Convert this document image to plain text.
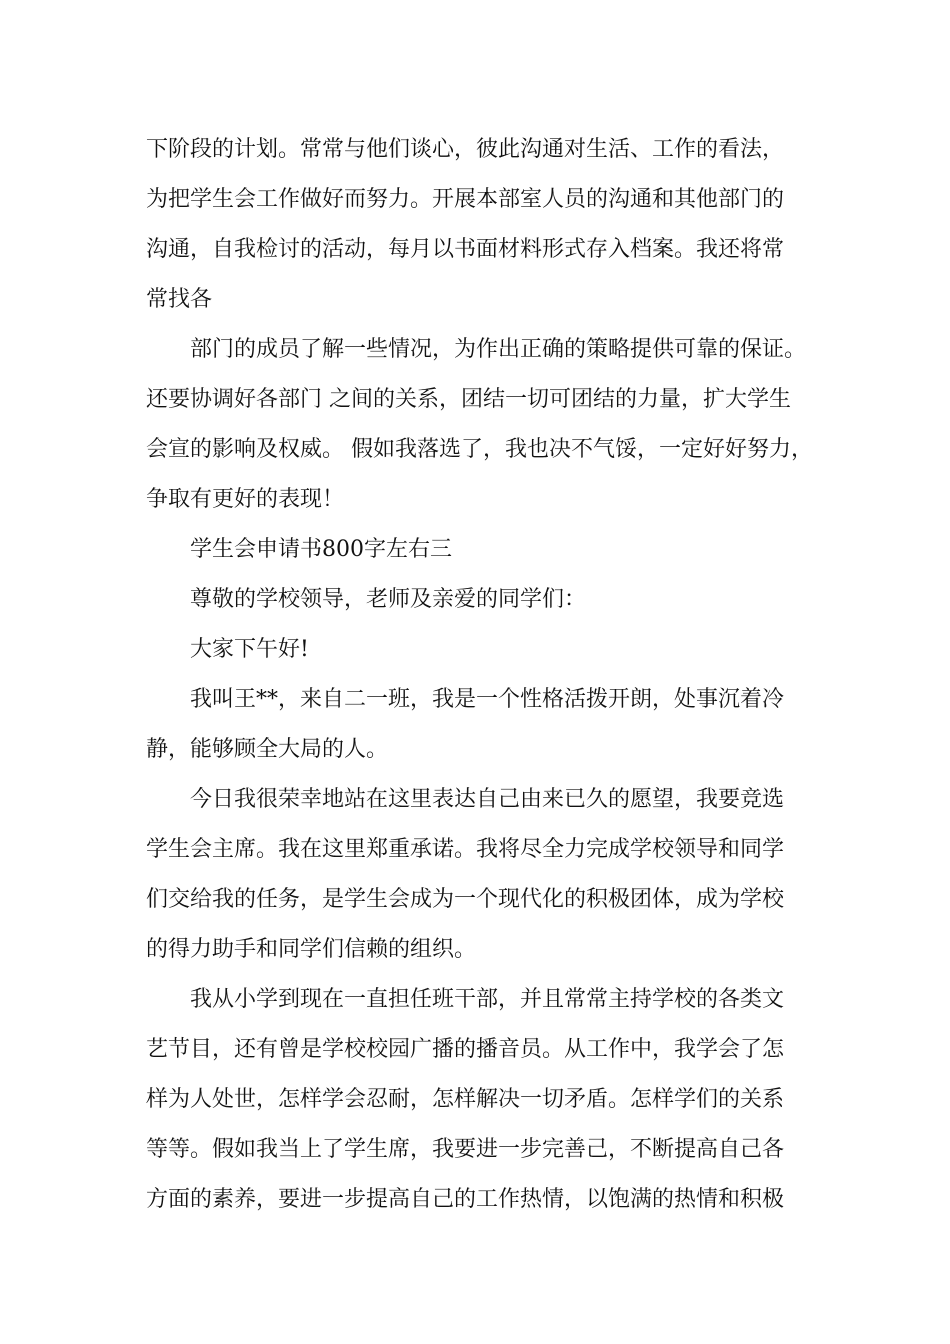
下阶段的计划。常常与他们谈心，彼此沟通对生活、工作的看法，
为把学生会工作做好而努力。开展本部室人员的沟通和其他部门的
沟通，自我检讨的活动，每月以书面材料形式存入档案。我还将常
常找各
部门的成员了解一些情况，为作出正确的策略提供可靠的保证。
还要协调好各部门 之间的关系，团结一切可团结的力量，扩大学生
会宣的影响及权威。 假如我落选了，我也决不气馁，一定好好努力，
争取有更好的表现！
学生会申请书800字左右三
尊敬的学校领导，老师及亲爱的同学们：
大家下午好!
我叫王**，来自二一班，我是一个性格活拨开朗，处事沉着冷
静，能够顾全大局的人。
今日我很荣幸地站在这里表达自己由来已久的愿望，我要竞选
学生会主席。我在这里郑重承诺。我将尽全力完成学校领导和同学
们交给我的任务，是学生会成为一个现代化的积极团体，成为学校
的得力助手和同学们信赖的组织。
我从小学到现在一直担任班干部，并且常常主持学校的各类文
艺节目，还有曾是学校校园广播的播音员。从工作中，我学会了怎
样为人处世，怎样学会忍耐，怎样解决一切矛盾。怎样学们的关系
等等。假如我当上了学生席，我要进一步完善己，不断提高自己各
方面的素养，要进一步提高自己的工作热情，以饱满的热情和积极
